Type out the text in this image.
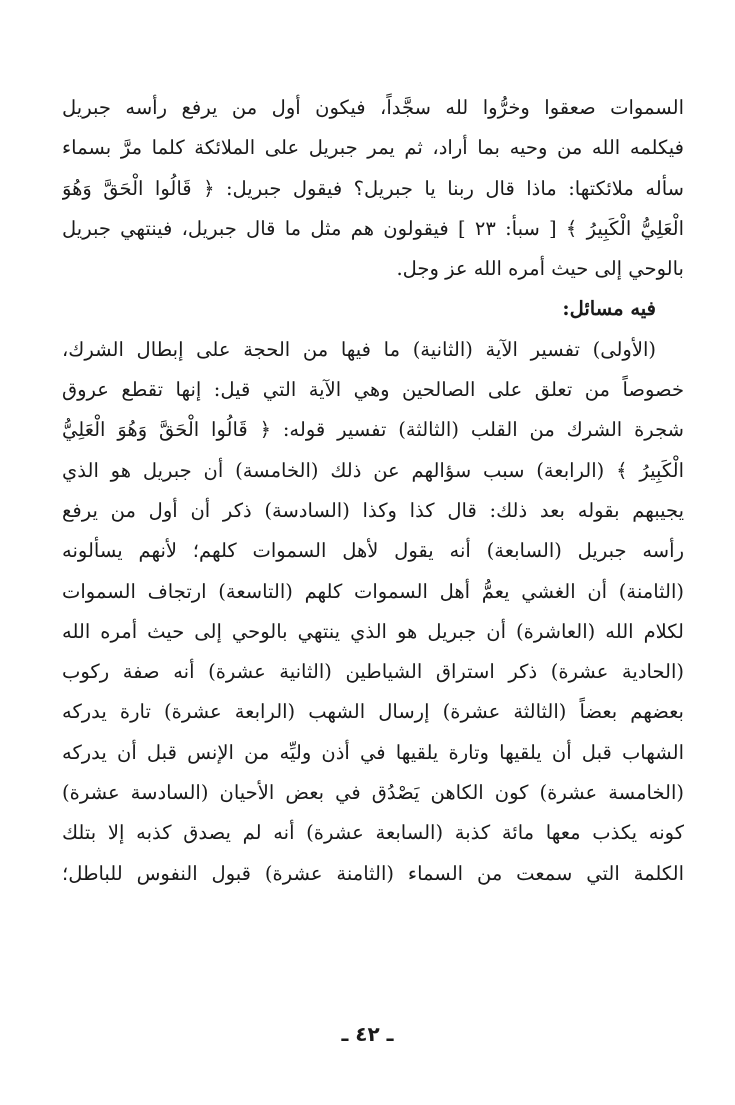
السموات صعقوا وخرُّوا لله سجَّداً، فيكون أول من يرفع رأسه جبريل
فيكلمه الله من وحيه بما أراد، ثم يمر جبريل على الملائكة كلما مرَّ بسماء
سأله ملائكتها: ماذا قال ربنا يا جبريل؟ فيقول جبريل: ﴿ قَالُوا الْحَقَّ وَهُوَ
الْعَلِيُّ الْكَبِيرُ ﴾ [ سبأ: ٢٣ ] فيقولون هم مثل ما قال جبريل، فينتهي جبريل
بالوحي إلى حيث أمره الله عز وجل.
فيه مسائل:
(الأولى) تفسير الآية (الثانية) ما فيها من الحجة على إبطال الشرك،
خصوصاً من تعلق على الصالحين وهي الآية التي قيل: إنها تقطع عروق
شجرة الشرك من القلب (الثالثة) تفسير قوله: ﴿ قَالُوا الْحَقَّ وَهُوَ الْعَلِيُّ
الْكَبِيرُ ﴾ (الرابعة) سبب سؤالهم عن ذلك (الخامسة) أن جبريل هو الذي
يجيبهم بقوله بعد ذلك: قال كذا وكذا (السادسة) ذكر أن أول من يرفع
رأسه جبريل (السابعة) أنه يقول لأهل السموات كلهم؛ لأنهم يسألونه
(الثامنة) أن الغشي يعمُّ أهل السموات كلهم (التاسعة) ارتجاف السموات
لكلام الله (العاشرة) أن جبريل هو الذي ينتهي بالوحي إلى حيث أمره الله
(الحادية عشرة) ذكر استراق الشياطين (الثانية عشرة) أنه صفة ركوب
بعضهم بعضاً (الثالثة عشرة) إرسال الشهب (الرابعة عشرة) تارة يدركه
الشهاب قبل أن يلقيها وتارة يلقيها في أذن وليِّه من الإنس قبل أن يدركه
(الخامسة عشرة) كون الكاهن يَصْدُق في بعض الأحيان (السادسة عشرة)
كونه يكذب معها مائة كذبة (السابعة عشرة) أنه لم يصدق كذبه إلا بتلك
الكلمة التي سمعت من السماء (الثامنة عشرة) قبول النفوس للباطل؛
ـ ٤٢ ـ
